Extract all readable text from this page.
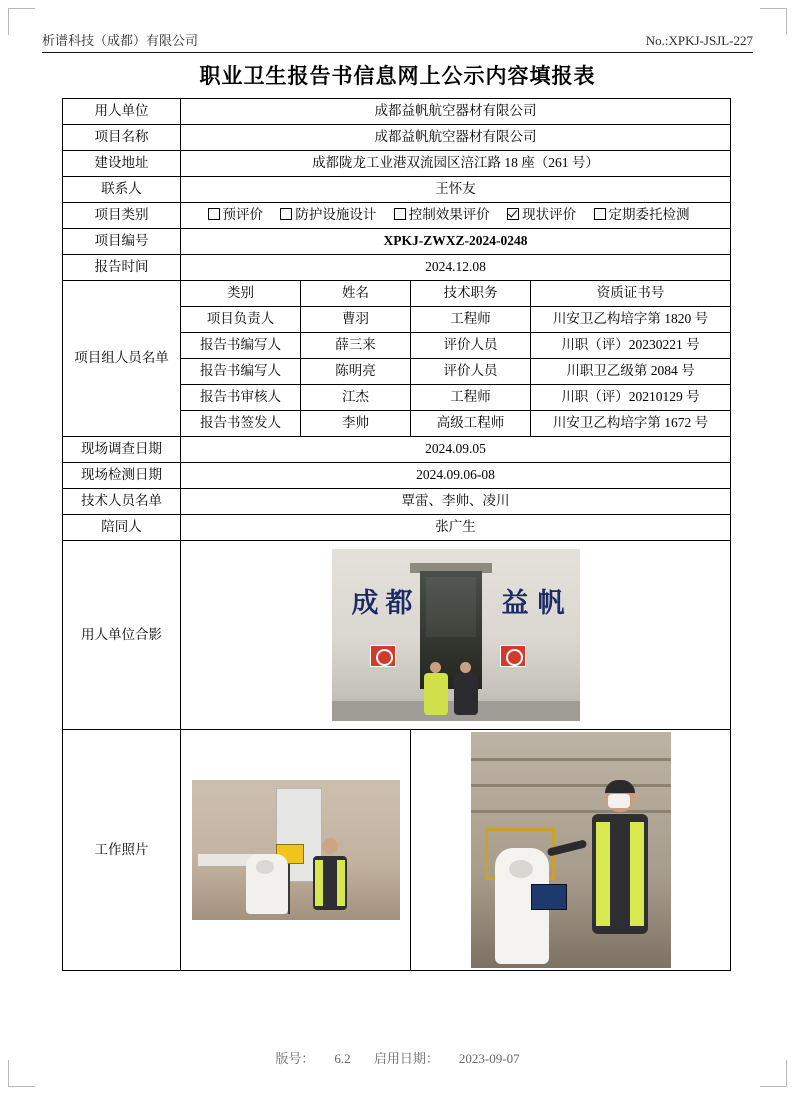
析谱科技（成都）有限公司	No.:XPKJ-JSJL-227
职业卫生报告书信息网上公示内容填报表
用人单位	成都益帆航空器材有限公司			
项目名称	成都益帆航空器材有限公司			
建设地址	成都陇龙工业港双流园区涪江路 18 座（261 号）			
联系人	王怀友			
项目类别	预评价 防护设施设计 控制效果评价 现状评价 定期委托检测			
项目编号	XPKJ-ZWXZ-2024-0248			
报告时间	2024.12.08			
项目组人员名单	类别	姓名	技术职务	资质证书号
	项目负责人	曹羽	工程师	川安卫乙构培字第 1820 号
	报告书编写人	薛三来	评价人员	川职（评）20230221 号
	报告书编写人	陈明亮	评价人员	川职卫乙级第 2084 号
	报告书审核人	江杰	工程师	川职（评）20210129 号
	报告书签发人	李帅	高级工程师	川安卫乙构培字第 1672 号
现场调查日期	2024.09.05			
现场检测日期	2024.09.06-08			
技术人员名单	覃雷、李帅、凌川			
陪同人	张广生			
用人单位合影	成 都 益 帆			

工作照片			

版号： 6.2 启用日期： 2023-09-07
